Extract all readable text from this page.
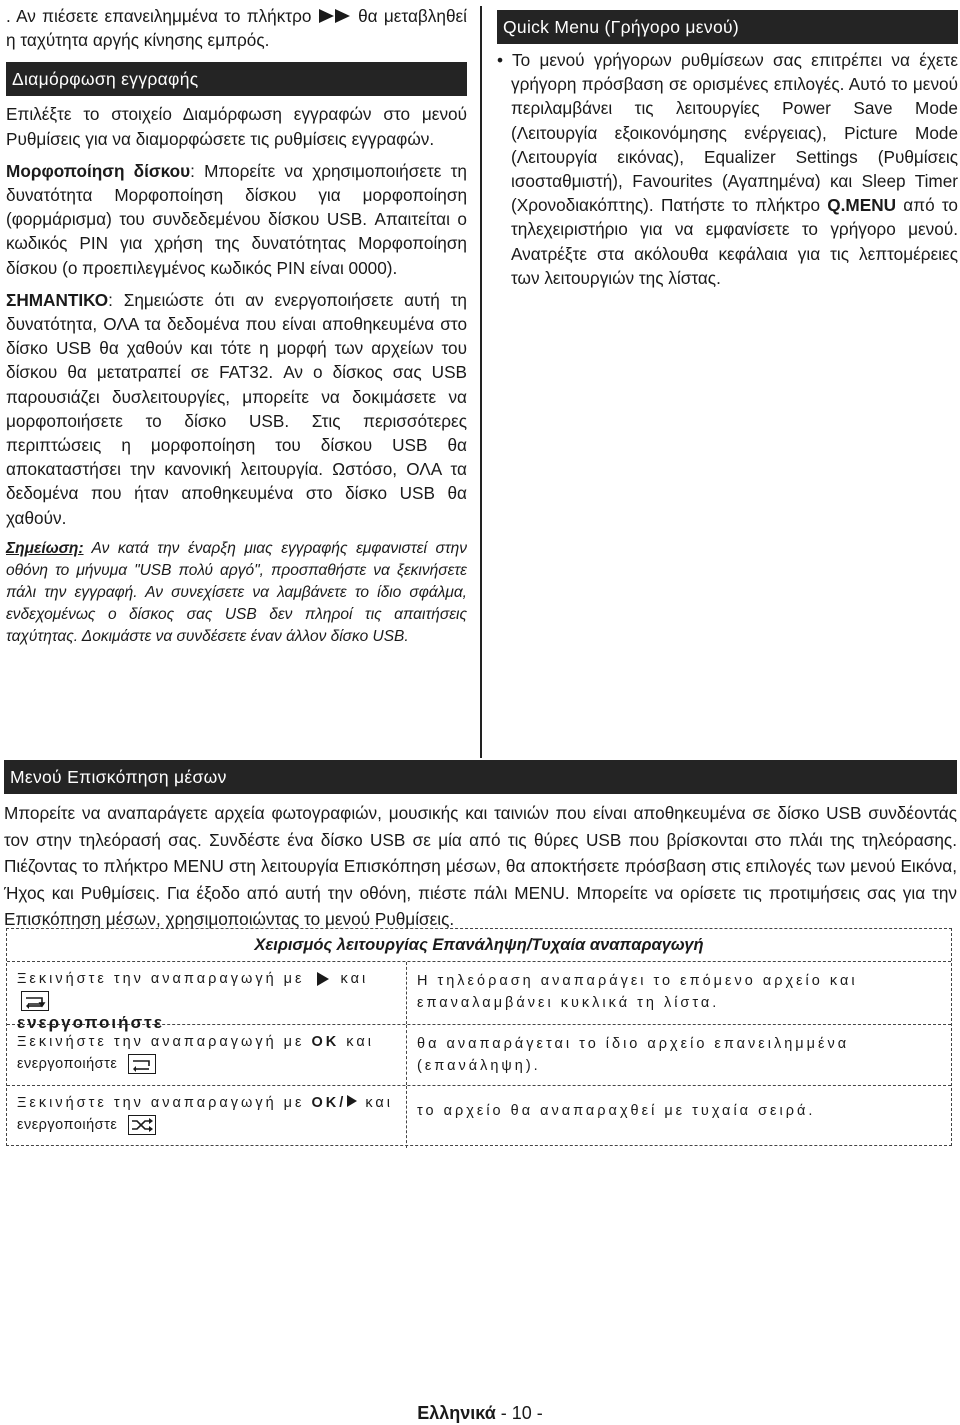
. Αν πιέσετε επανειλημμένα το πλήκτρο	θα μεταβληθεί η ταχύτητα αργής κίνησης εμπρός.

Διαμόρφωση εγγραφής

Επιλέξτε το στοιχείο Διαμόρφωση εγγραφών στο μενού Ρυθμίσεις για να διαμορφώσετε τις ρυθμίσεις εγγραφών.

Μορφοποίηση δίσκου: Μπορείτε να χρησιμοποιήσετε τη δυνατότητα Μορφοποίηση δίσκου για μορφοποίηση (φορμάρισμα) του συνδεδεμένου δίσκου USB. Απαιτείται ο κωδικός PIN για χρήση της δυνατότητας Μορφοποίηση δίσκου (ο προεπιλεγμένος κωδικός PIN είναι 0000).

ΣΗΜΑΝΤΙΚΟ: Σημειώστε ότι αν ενεργοποιήσετε αυτή τη δυνατότητα, ΟΛΑ τα δεδομένα που είναι αποθηκευμένα στο δίσκο USB θα χαθούν και τότε η μορφή των αρχείων του δίσκου θα μετατραπεί σε FAT32. Αν ο δίσκος σας USB παρουσιάζει δυσλειτουργίες, μπορείτε να δοκιμάσετε να μορφοποιήσετε το δίσκο USB. Στις περισσότερες περιπτώσεις η μορφοποίηση του δίσκου USB θα αποκαταστήσει την κανονική λειτουργία. Ωστόσο, ΟΛΑ τα δεδομένα που ήταν αποθηκευμένα στο δίσκο USB θα χαθούν.

Σημείωση: Αν κατά την έναρξη μιας εγγραφής εμφανιστεί στην οθόνη το μήνυμα "USB πολύ αργό", προσπαθήστε να ξεκινήσετε πάλι την εγγραφή. Αν συνεχίσετε να λαμβάνετε το ίδιο σφάλμα, ενδεχομένως ο δίσκος σας USB δεν πληροί τις απαιτήσεις ταχύτητας. Δοκιμάστε να συνδέσετε έναν άλλον δίσκο USB.

Quick Menu (Γρήγορο μενού)

• Το μενού γρήγορων ρυθμίσεων σας επιτρέπει να έχετε γρήγορη πρόσβαση σε ορισμένες επιλογές. Αυτό το μενού περιλαμβάνει τις λειτουργίες Power Save Mode (Λειτουργία εξοικονόμησης ενέργειας), Picture Mode (Λειτουργία εικόνας), Equalizer Settings (Ρυθμίσεις ισοσταθμιστή), Favourites (Αγαπημένα) και Sleep Timer (Χρονοδιακόπτης). Πατήστε το πλήκτρο Q.MENU από το τηλεχειριστήριο για να εμφανίσετε το γρήγορο μενού. Ανατρέξτε στα ακόλουθα κεφάλαια για τις λεπτομέρειες των λειτουργιών της λίστας.

Μενού Επισκόπηση μέσων
Μπορείτε να αναπαράγετε αρχεία φωτογραφιών, μουσικής και ταινιών που είναι αποθηκευμένα σε δίσκο USB συνδέοντάς τον στην τηλεόρασή σας. Συνδέστε ένα δίσκο USB σε μία από τις θύρες USB που βρίσκονται στο πλάι της τηλεόρασης. Πιέζοντας το πλήκτρο MENU στη λειτουργία Επισκόπηση μέσων, θα αποκτήσετε πρόσβαση στις επιλογές των μενού Εικόνα, Ήχος και Ρυθμίσεις. Για έξοδο από αυτή την οθόνη, πιέστε πάλι MENU. Μπορείτε να ορίσετε τις προτιμήσεις σας για την Επισκόπηση μέσων, χρησιμοποιώντας το μενού Ρυθμίσεις.
Χειρισμός λειτουργίας Επανάληψη/Τυχαία αναπαραγωγή
Ξεκινήστε την αναπαραγωγή με και
ενεργοποιήστε
Η τηλεόραση αναπαράγει το επόμενο αρχείο και επαναλαμβάνει κυκλικά τη λίστα.
Ξεκινήστε την αναπαραγωγή με OK και
ενεργοποιήστε
θα αναπαράγεται το ίδιο αρχείο επανειλημμένα (επανάληψη).
Ξεκινήστε την αναπαραγωγή με OK/ και
ενεργοποιήστε
το αρχείο θα αναπαραχθεί με τυχαία σειρά.
Ελληνικά - 10 -
